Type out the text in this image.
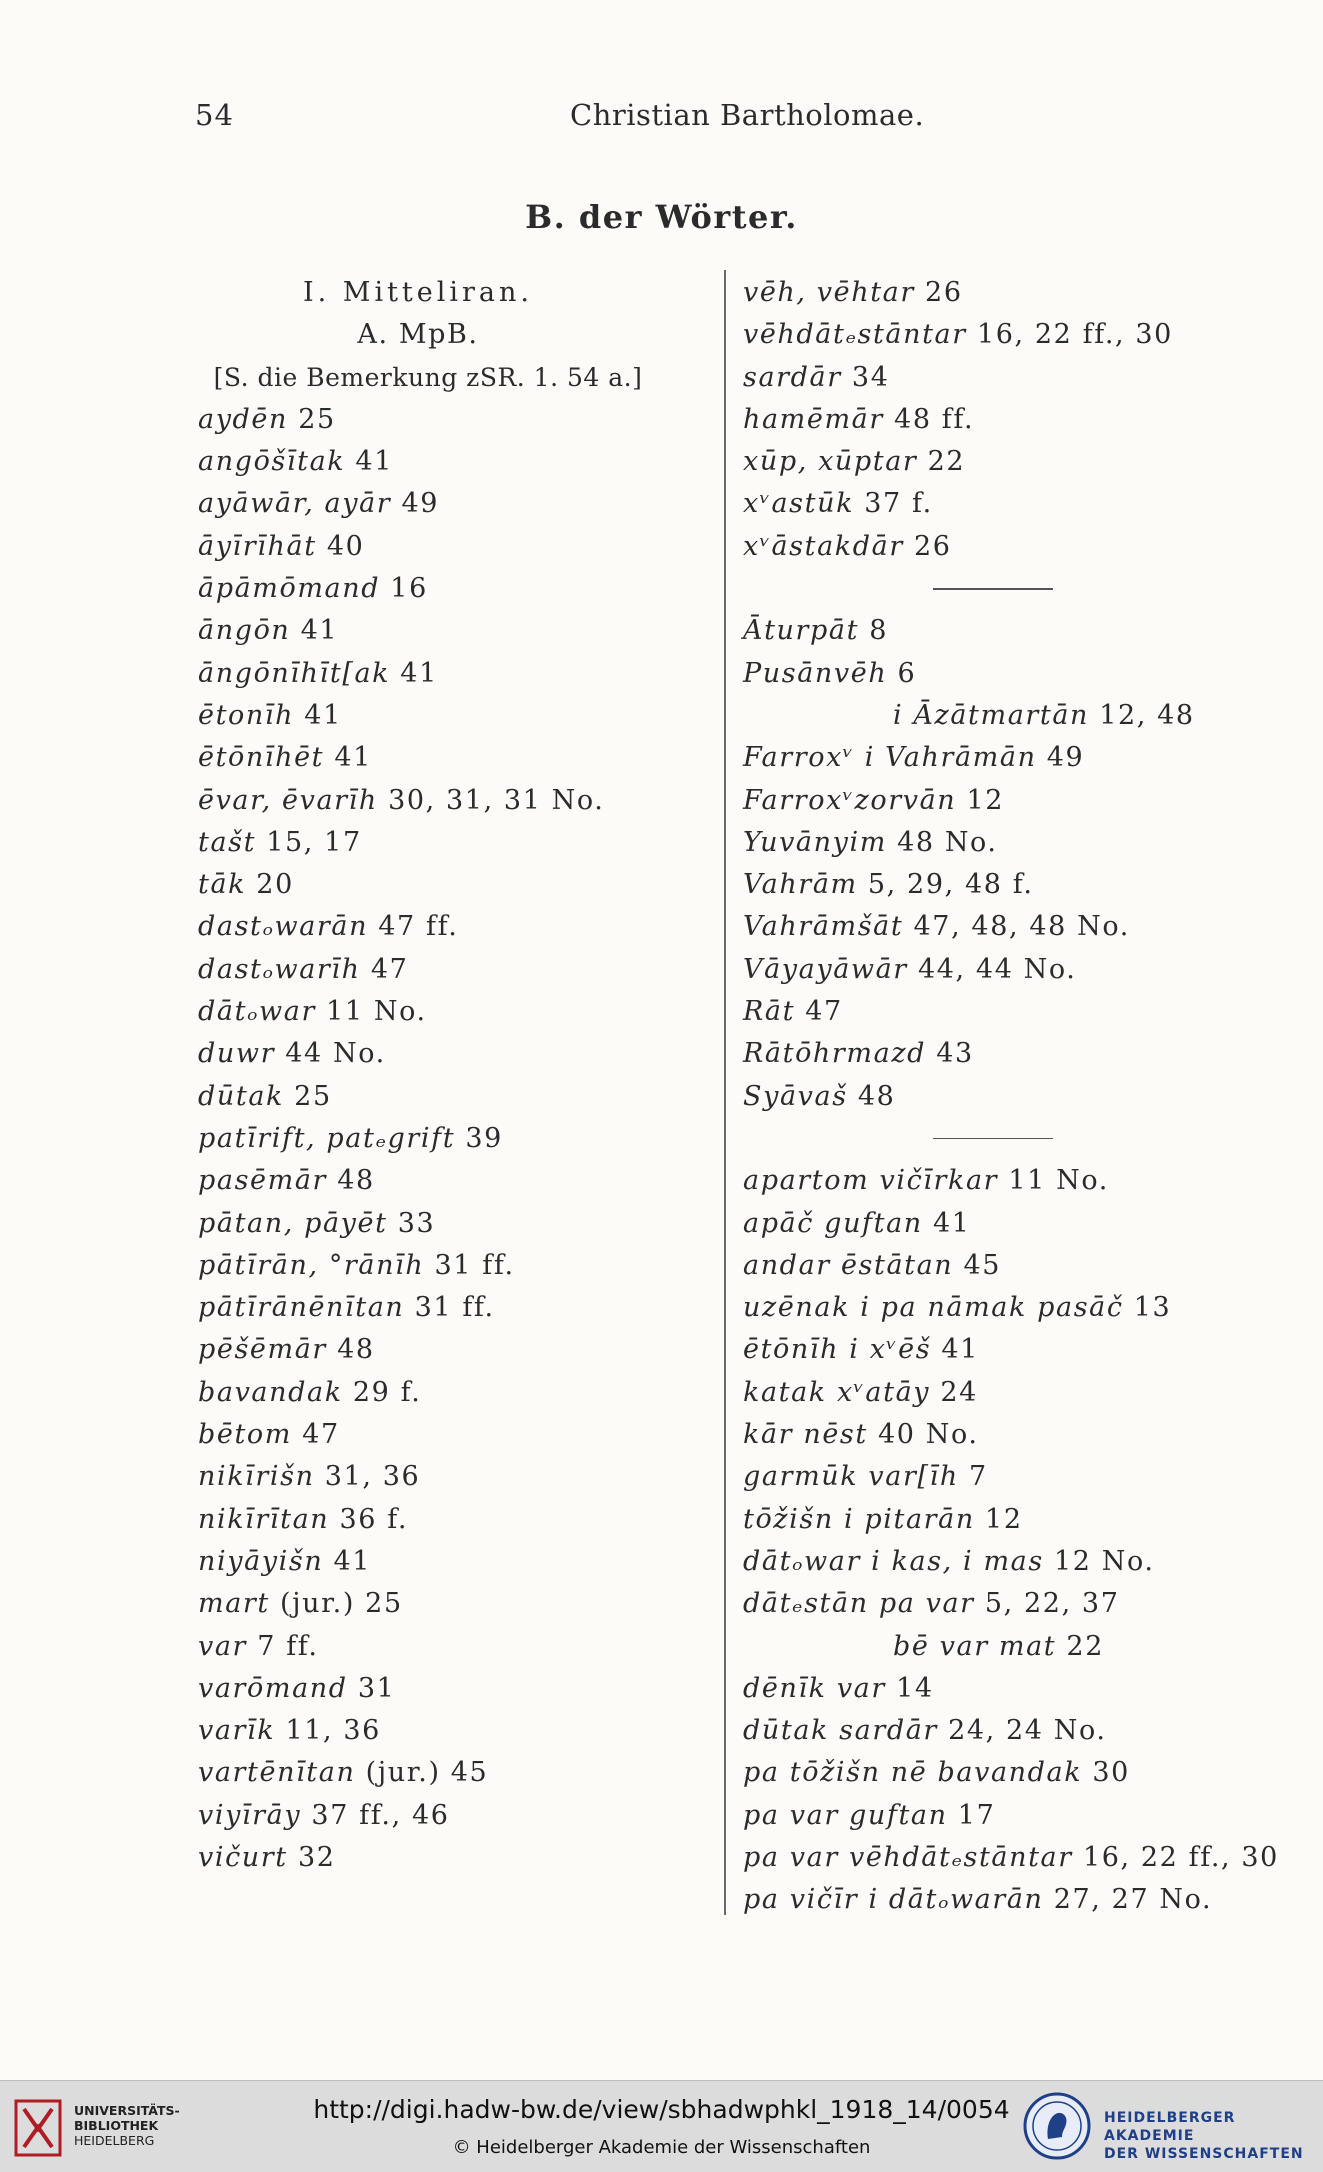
54	Christian Bartholomae.
B. der Wörter.
I. Mitteliran.
A. MpB.
[S. die Bemerkung zSR. 1. 54 a.]
aydēn 25
angōšītak 41
ayāwār, ayār 49
āyīrīhāt 40
āpāmōmand 16
āngōn 41
āngōnīhīt[ak 41
ētonīh 41
ētōnīhēt 41
ēvar, ēvarīh 30, 31, 31 No.
tašt 15, 17
tāk 20
dastₒwarān 47 ff.
dastₒwarīh 47
dātₒwar 11 No.
duwr 44 No.
dūtak 25
patīrift, patₑgrift 39
pasēmār 48
pātan, pāyēt 33
pātīrān, °rānīh 31 ff.
pātīrānēnītan 31 ff.
pēšēmār 48
bavandak 29 f.
bētom 47
nikīrišn 31, 36
nikīrītan 36 f.
niyāyišn 41
mart (jur.) 25
var 7 ff.
varōmand 31
varīk 11, 36
vartēnītan (jur.) 45
viyīrāy 37 ff., 46
vičurt 32
vēh, vēhtar 26
vēhdātₑstāntar 16, 22 ff., 30
sardār 34
hamēmār 48 ff.
xūp, xūptar 22
xᵛastūk 37 f.
xᵛāstakdār 26
Āturpāt 8
Pusānvēh 6
i Āzātmartān 12, 48
Farroxᵛ i Vahrāmān 49
Farroxᵛzorvān 12
Yuvānyim 48 No.
Vahrām 5, 29, 48 f.
Vahrāmšāt 47, 48, 48 No.
Vāyayāwār 44, 44 No.
Rāt 47
Rātōhrmazd 43
Syāvaš 48
apartom vičīrkar 11 No.
apāč guftan 41
andar ēstātan 45
uzēnak i pa nāmak pasāč 13
ētōnīh i xᵛēš 41
katak xᵛatāy 24
kār nēst 40 No.
garmūk var[īh 7
tōžišn i pitarān 12
dātₒwar i kas, i mas 12 No.
dātₑstān pa var 5, 22, 37
bē var mat 22
dēnīk var 14
dūtak sardār 24, 24 No.
pa tōžišn nē bavandak 30
pa var guftan 17
pa var vēhdātₑstāntar 16, 22 ff., 30
pa vičīr i dātₒwarān 27, 27 No.
UNIVERSITÄTS-
BIBLIOTHEK
HEIDELBERG
http://digi.hadw-bw.de/view/sbhadwphkl_1918_14/0054
© Heidelberger Akademie der Wissenschaften
HEIDELBERGER AKADEMIE
DER WISSENSCHAFTEN
